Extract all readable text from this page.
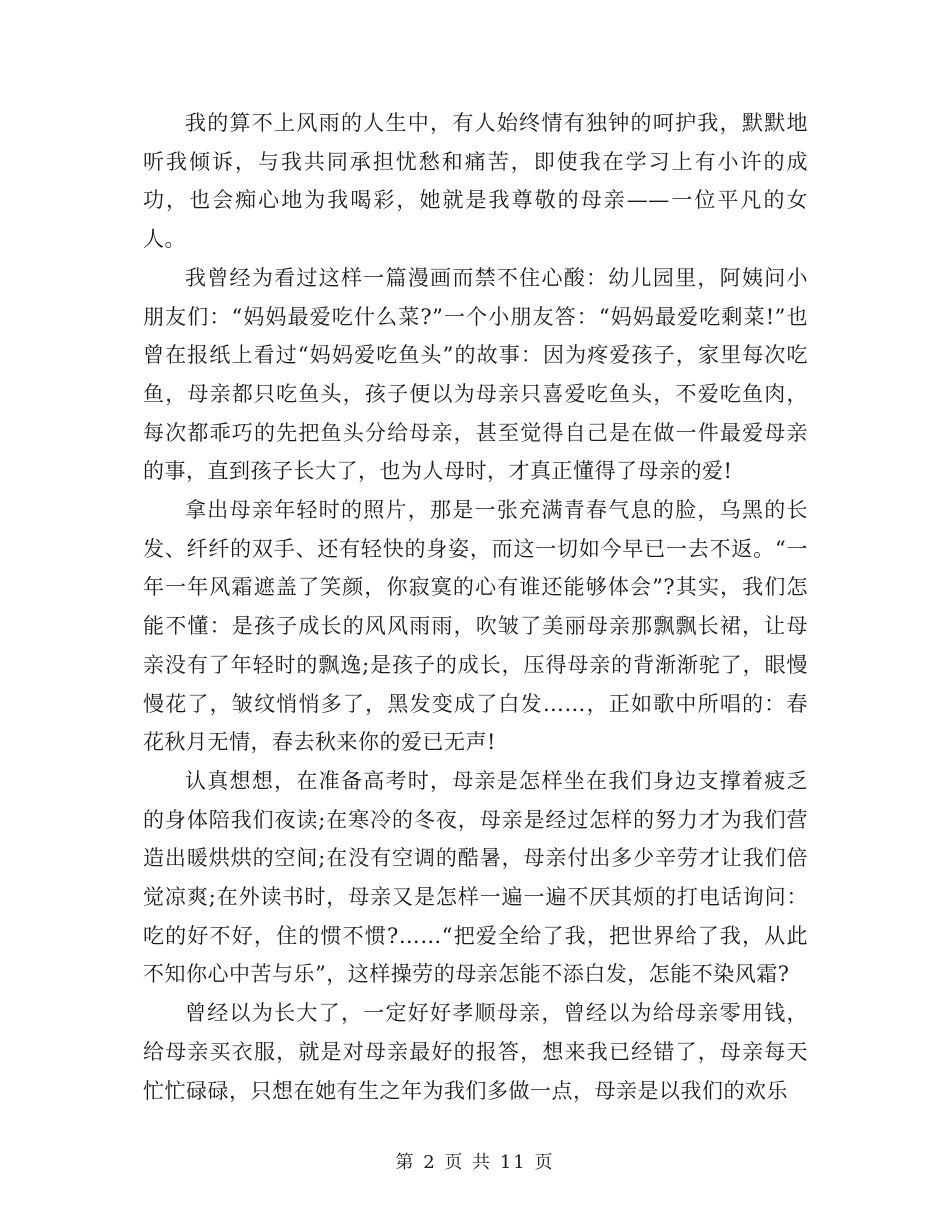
我的算不上风雨的人生中，有人始终情有独钟的呵护我，默默地听我倾诉，与我共同承担忧愁和痛苦，即使我在学习上有小许的成功，也会痴心地为我喝彩，她就是我尊敬的母亲——一位平凡的女人。

我曾经为看过这样一篇漫画而禁不住心酸：幼儿园里，阿姨问小朋友们：“妈妈最爱吃什么菜?”一个小朋友答：“妈妈最爱吃剩菜!”也曾在报纸上看过“妈妈爱吃鱼头”的故事：因为疼爱孩子，家里每次吃鱼，母亲都只吃鱼头，孩子便以为母亲只喜爱吃鱼头，不爱吃鱼肉，每次都乖巧的先把鱼头分给母亲，甚至觉得自己是在做一件最爱母亲的事，直到孩子长大了，也为人母时，才真正懂得了母亲的爱!

拿出母亲年轻时的照片，那是一张充满青春气息的脸，乌黑的长发、纤纤的双手、还有轻快的身姿，而这一切如今早已一去不返。“一年一年风霜遮盖了笑颜，你寂寞的心有谁还能够体会”?其实，我们怎能不懂：是孩子成长的风风雨雨，吹皱了美丽母亲那飘飘长裙，让母亲没有了年轻时的飘逸;是孩子的成长，压得母亲的背渐渐驼了，眼慢慢花了，皱纹悄悄多了，黑发变成了白发……，正如歌中所唱的：春花秋月无情，春去秋来你的爱已无声!

认真想想，在准备高考时，母亲是怎样坐在我们身边支撑着疲乏的身体陪我们夜读;在寒冷的冬夜，母亲是经过怎样的努力才为我们营造出暖烘烘的空间;在没有空调的酷暑，母亲付出多少辛劳才让我们倍觉凉爽;在外读书时，母亲又是怎样一遍一遍不厌其烦的打电话询问：吃的好不好，住的惯不惯?……“把爱全给了我，把世界给了我，从此不知你心中苦与乐”，这样操劳的母亲怎能不添白发，怎能不染风霜?

曾经以为长大了，一定好好孝顺母亲，曾经以为给母亲零用钱，给母亲买衣服，就是对母亲最好的报答，想来我已经错了，母亲每天忙忙碌碌，只想在她有生之年为我们多做一点，母亲是以我们的欢乐

第 2 页 共 11 页
